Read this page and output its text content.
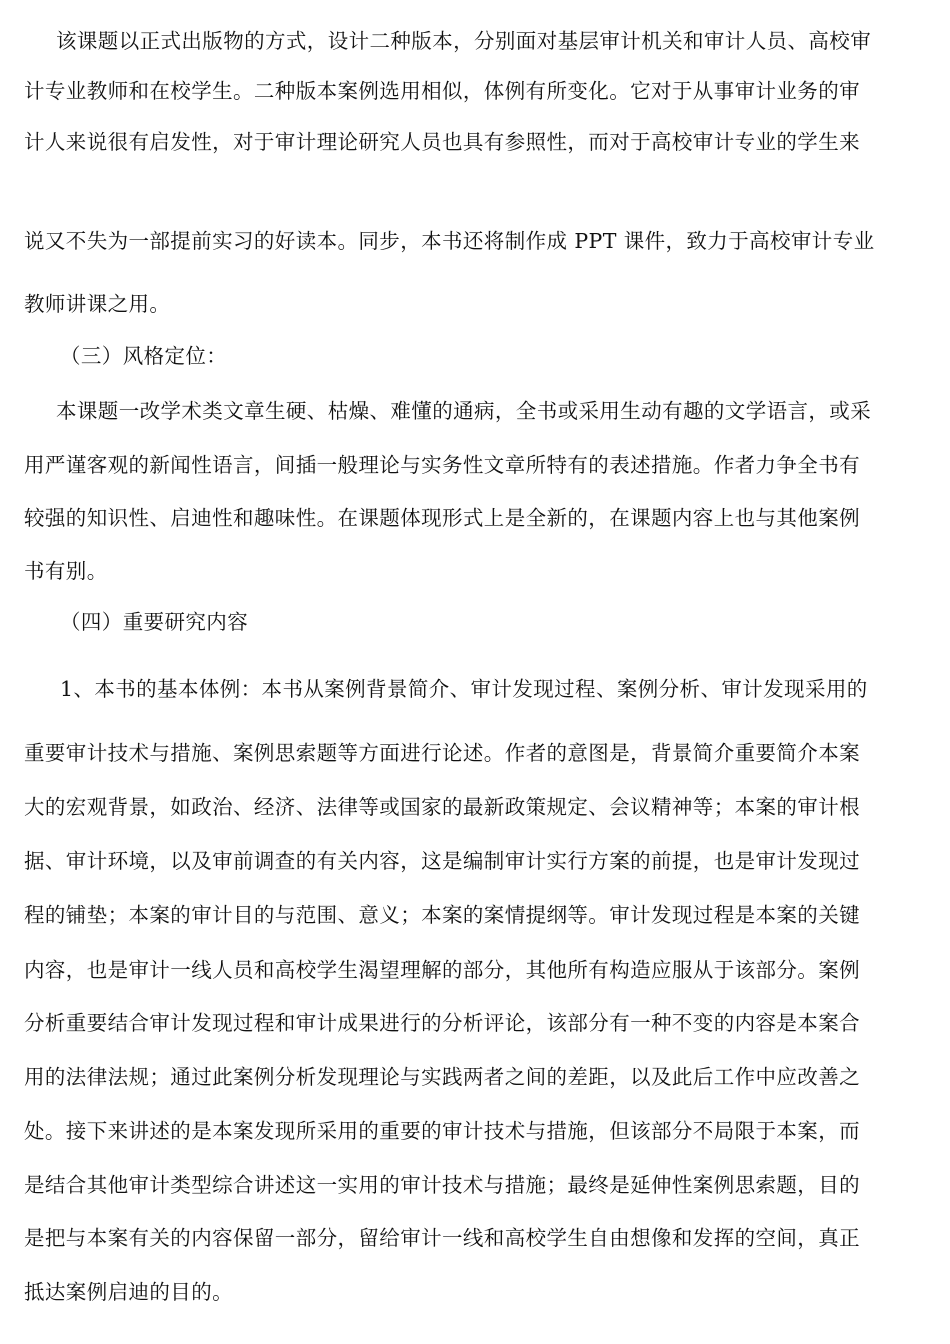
该课题以正式出版物的方式，设计二种版本，分别面对基层审计机关和审计人员、高校审

计专业教师和在校学生。二种版本案例选用相似，体例有所变化。它对于从事审计业务的审

计人来说很有启发性，对于审计理论研究人员也具有参照性，而对于高校审计专业的学生来

说又不失为一部提前实习的好读本。同步，本书还将制作成 PPT 课件，致力于高校审计专业

教师讲课之用。

（三）风格定位：

本课题一改学术类文章生硬、枯燥、难懂的通病，全书或采用生动有趣的文学语言，或采

用严谨客观的新闻性语言，间插一般理论与实务性文章所特有的表述措施。作者力争全书有

较强的知识性、启迪性和趣味性。在课题体现形式上是全新的，在课题内容上也与其他案例

书有别。

（四）重要研究内容

1、本书的基本体例：本书从案例背景简介、审计发现过程、案例分析、审计发现采用的

重要审计技术与措施、案例思索题等方面进行论述。作者的意图是，背景简介重要简介本案

大的宏观背景，如政治、经济、法律等或国家的最新政策规定、会议精神等；本案的审计根

据、审计环境，以及审前调查的有关内容，这是编制审计实行方案的前提，也是审计发现过

程的铺垫；本案的审计目的与范围、意义；本案的案情提纲等。审计发现过程是本案的关键

内容，也是审计一线人员和高校学生渴望理解的部分，其他所有构造应服从于该部分。案例

分析重要结合审计发现过程和审计成果进行的分析评论，该部分有一种不变的内容是本案合

用的法律法规；通过此案例分析发现理论与实践两者之间的差距，以及此后工作中应改善之

处。接下来讲述的是本案发现所采用的重要的审计技术与措施，但该部分不局限于本案，而

是结合其他审计类型综合讲述这一实用的审计技术与措施；最终是延伸性案例思索题，目的

是把与本案有关的内容保留一部分，留给审计一线和高校学生自由想像和发挥的空间，真正

抵达案例启迪的目的。
